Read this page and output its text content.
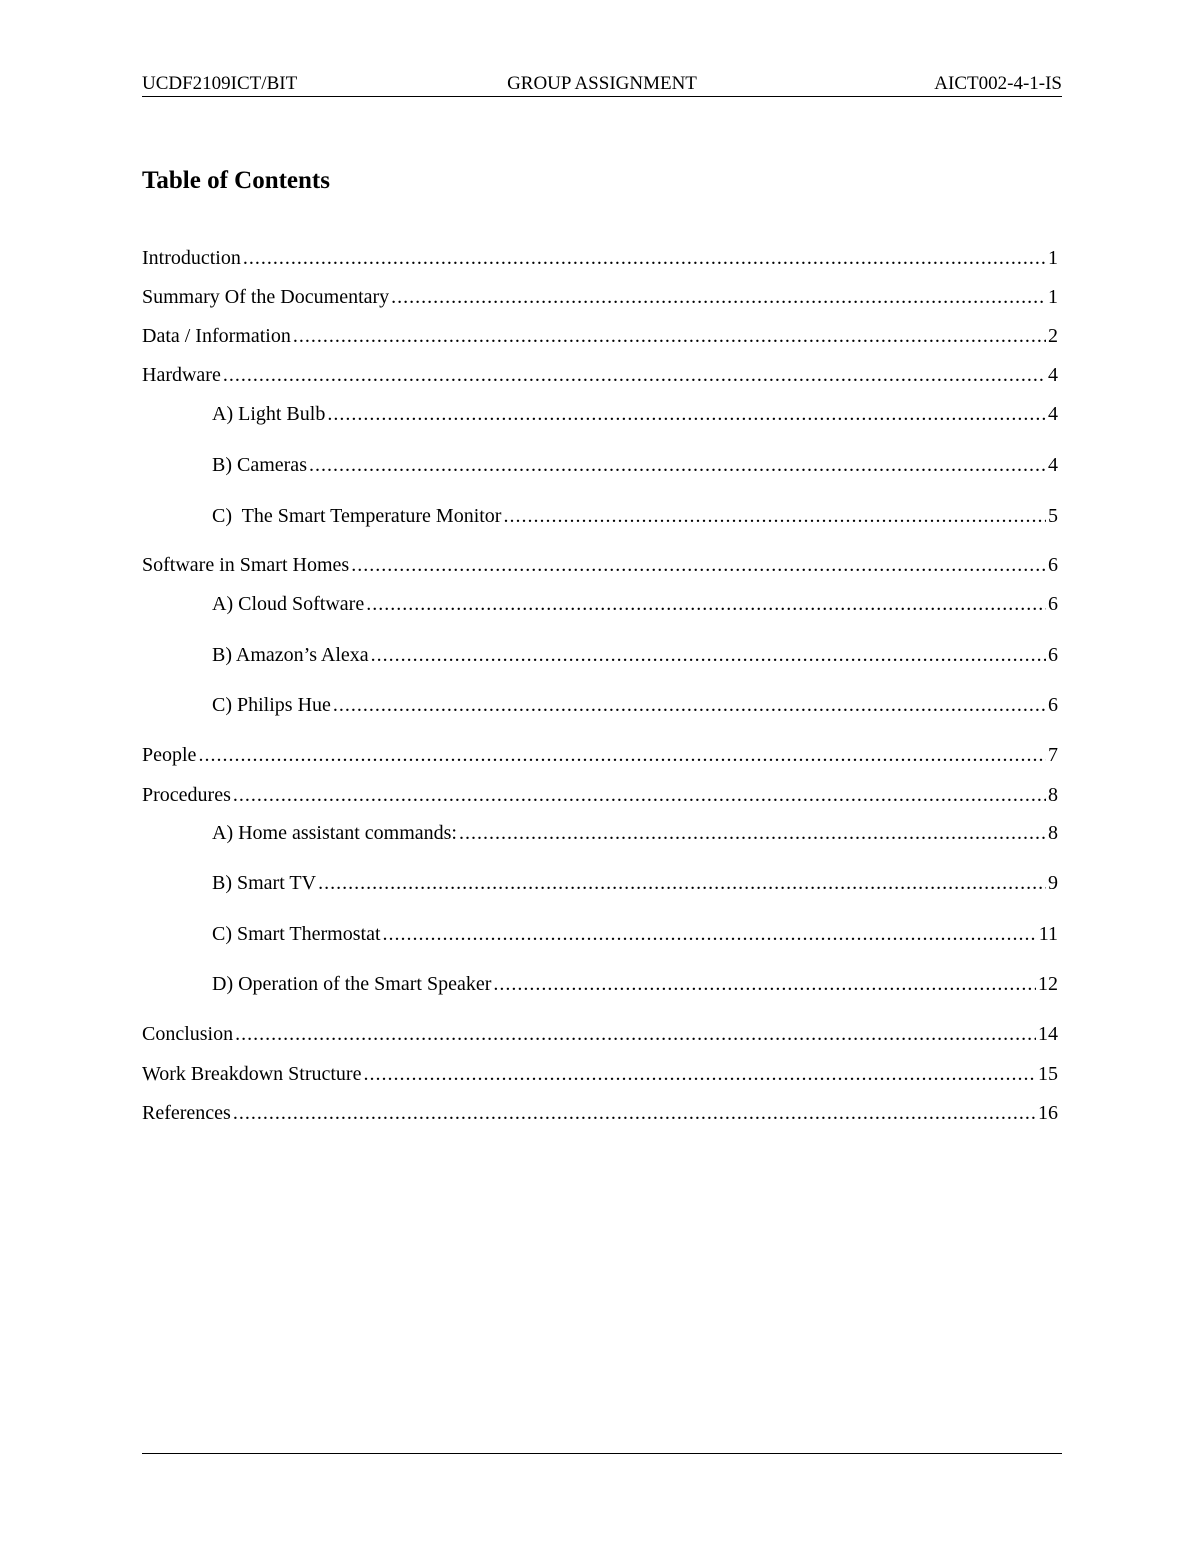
UCDF2109ICT/BIT	GROUP ASSIGNMENT	AICT002-4-1-IS
Table of Contents
Introduction .....	1
Summary Of the Documentary .....	1
Data / Information .....	2
Hardware .....	4
A) Light Bulb .....	4
B) Cameras .....	4
C)  The Smart Temperature Monitor .....	5
Software in Smart Homes .....	6
A) Cloud Software .....	6
B) Amazon’s Alexa .....	6
C) Philips Hue .....	6
People .....	7
Procedures .....	8
A) Home assistant commands: .....	8
B) Smart TV .....	9
C) Smart Thermostat .....	11
D) Operation of the Smart Speaker .....	12
Conclusion .....	14
Work Breakdown Structure .....	15
References .....	16
